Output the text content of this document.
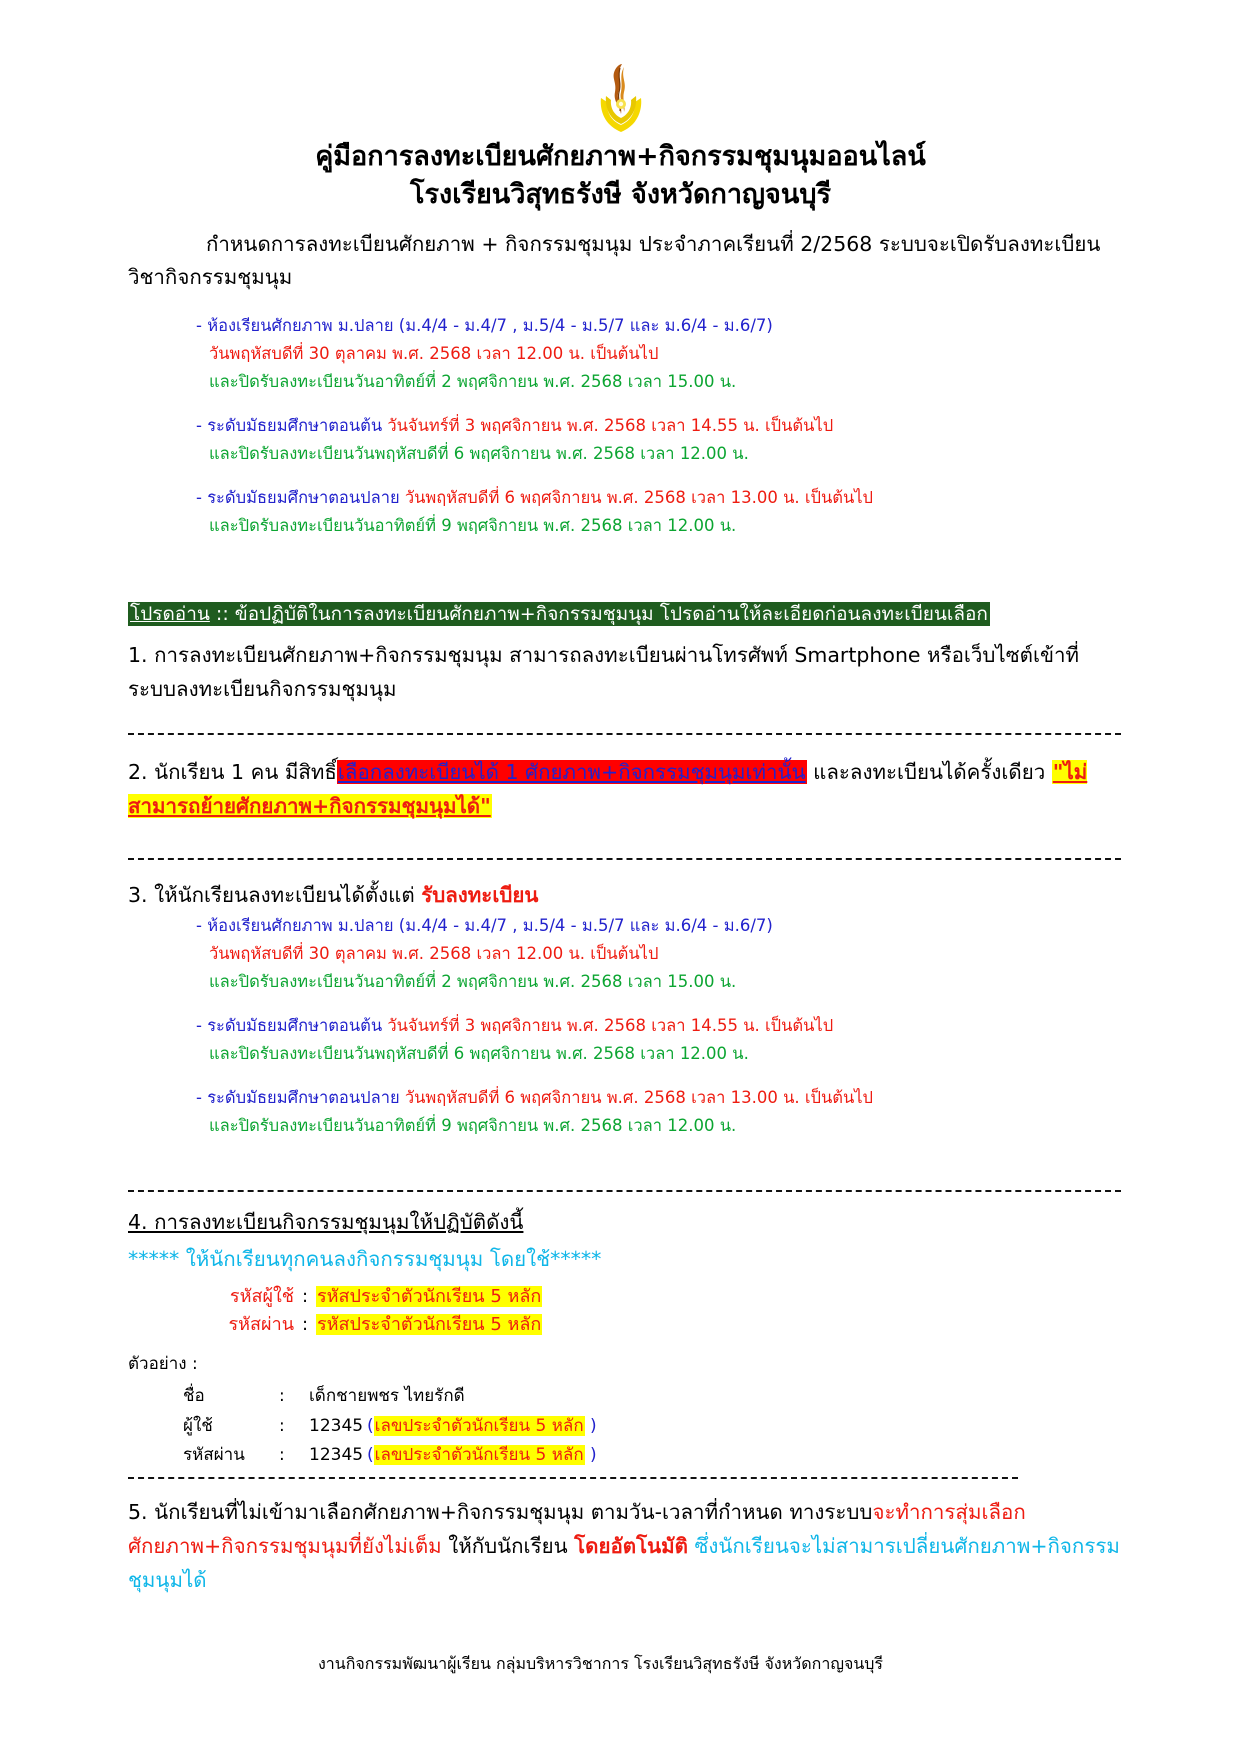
คู่มือการลงทะเบียนศักยภาพ+กิจกรรมชุมนุมออนไลน์
โรงเรียนวิสุทธรังษี จังหวัดกาญจนบุรี
กำหนดการลงทะเบียนศักยภาพ + กิจกรรมชุมนุม ประจำภาคเรียนที่ 2/2568 ระบบจะเปิดรับลงทะเบียนวิชากิจกรรมชุมนุม
- ห้องเรียนศักยภาพ ม.ปลาย (ม.4/4 - ม.4/7 , ม.5/4 - ม.5/7 และ ม.6/4 - ม.6/7)
วันพฤหัสบดีที่ 30 ตุลาคม พ.ศ. 2568 เวลา 12.00 น. เป็นต้นไป
และปิดรับลงทะเบียนวันอาทิตย์ที่ 2 พฤศจิกายน พ.ศ. 2568 เวลา 15.00 น.
- ระดับมัธยมศึกษาตอนต้น วันจันทร์ที่ 3 พฤศจิกายน พ.ศ. 2568 เวลา 14.55 น. เป็นต้นไป
และปิดรับลงทะเบียนวันพฤหัสบดีที่ 6 พฤศจิกายน พ.ศ. 2568 เวลา 12.00 น.
- ระดับมัธยมศึกษาตอนปลาย วันพฤหัสบดีที่ 6 พฤศจิกายน พ.ศ. 2568 เวลา 13.00 น. เป็นต้นไป
และปิดรับลงทะเบียนวันอาทิตย์ที่ 9 พฤศจิกายน พ.ศ. 2568 เวลา 12.00 น.
โปรดอ่าน :: ข้อปฏิบัติในการลงทะเบียนศักยภาพ+กิจกรรมชุมนุม โปรดอ่านให้ละเอียดก่อนลงทะเบียนเลือก
1. การลงทะเบียนศักยภาพ+กิจกรรมชุมนุม สามารถลงทะเบียนผ่านโทรศัพท์ Smartphone หรือเว็บไซต์เข้าที่ ระบบลงทะเบียนกิจกรรมชุมนุม
2. นักเรียน 1 คน มีสิทธิ์เลือกลงทะเบียนได้ 1 ศักยภาพ+กิจกรรมชุมนุมเท่านั้น และลงทะเบียนได้ครั้งเดียว "ไม่สามารถย้ายศักยภาพ+กิจกรรมชุมนุมได้"
3. ให้นักเรียนลงทะเบียนได้ตั้งแต่ รับลงทะเบียน
- ห้องเรียนศักยภาพ ม.ปลาย (ม.4/4 - ม.4/7 , ม.5/4 - ม.5/7 และ ม.6/4 - ม.6/7)
วันพฤหัสบดีที่ 30 ตุลาคม พ.ศ. 2568 เวลา 12.00 น. เป็นต้นไป
และปิดรับลงทะเบียนวันอาทิตย์ที่ 2 พฤศจิกายน พ.ศ. 2568 เวลา 15.00 น.
- ระดับมัธยมศึกษาตอนต้น วันจันทร์ที่ 3 พฤศจิกายน พ.ศ. 2568 เวลา 14.55 น. เป็นต้นไป
และปิดรับลงทะเบียนวันพฤหัสบดีที่ 6 พฤศจิกายน พ.ศ. 2568 เวลา 12.00 น.
- ระดับมัธยมศึกษาตอนปลาย วันพฤหัสบดีที่ 6 พฤศจิกายน พ.ศ. 2568 เวลา 13.00 น. เป็นต้นไป
และปิดรับลงทะเบียนวันอาทิตย์ที่ 9 พฤศจิกายน พ.ศ. 2568 เวลา 12.00 น.
4. การลงทะเบียนกิจกรรมชุมนุมให้ปฏิบัติดังนี้
***** ให้นักเรียนทุกคนลงกิจกรรมชุมนุม โดยใช้*****
รหัสผู้ใช้ : รหัสประจำตัวนักเรียน 5 หลัก
รหัสผ่าน : รหัสประจำตัวนักเรียน 5 หลัก
ตัวอย่าง :
ชื่อ	: เด็กชายพชร ไทยรักดี
ผู้ใช้	: 12345 (เลขประจำตัวนักเรียน 5 หลัก )
รหัสผ่าน : 12345 (เลขประจำตัวนักเรียน 5 หลัก )
5. นักเรียนที่ไม่เข้ามาเลือกศักยภาพ+กิจกรรมชุมนุม ตามวัน-เวลาที่กำหนด ทางระบบจะทำการสุ่มเลือกศักยภาพ+กิจกรรมชุมนุมที่ยังไม่เต็ม ให้กับนักเรียน โดยอัตโนมัติ ซึ่งนักเรียนจะไม่สามารเปลี่ยนศักยภาพ+กิจกรรมชุมนุมได้
งานกิจกรรมพัฒนาผู้เรียน กลุ่มบริหารวิชาการ โรงเรียนวิสุทธรังษี จังหวัดกาญจนบุรี
